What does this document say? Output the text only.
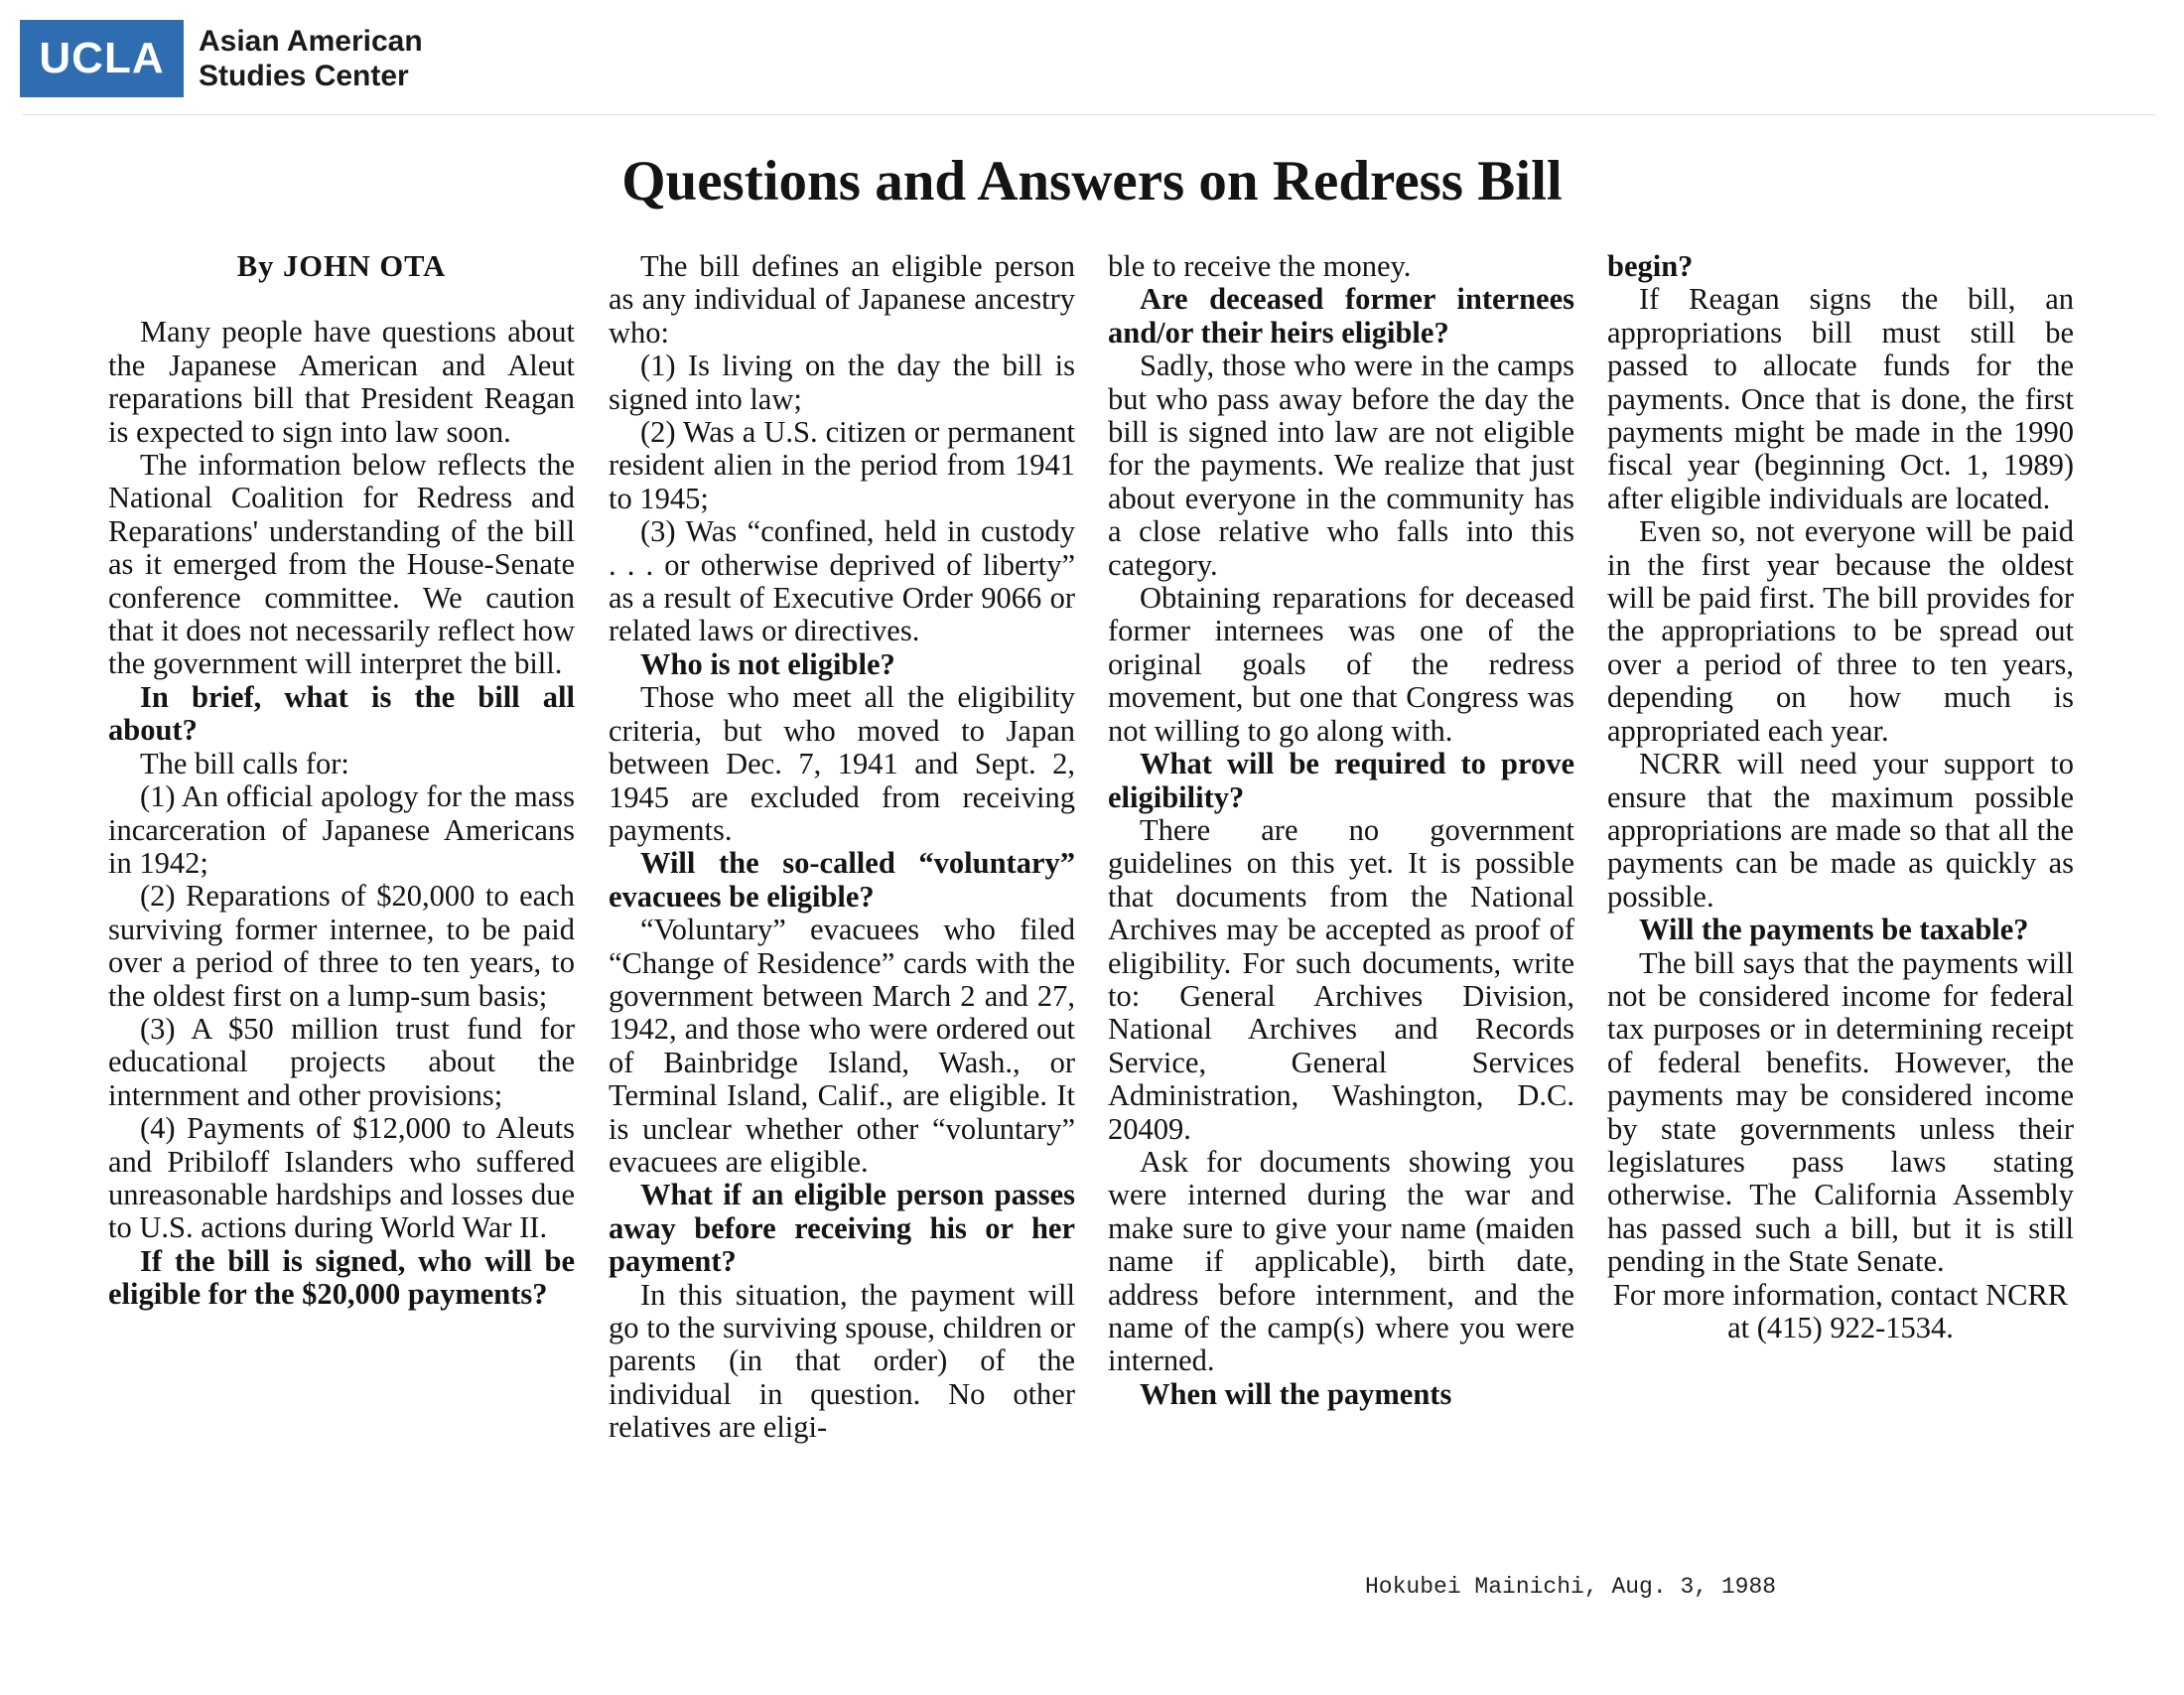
UCLA	Asian American
Studies Center
Questions and Answers on Redress Bill

By JOHN OTA

Many people have questions about the Japanese American and Aleut reparations bill that President Reagan is expected to sign into law soon.

The information below reflects the National Coalition for Redress and Reparations' understanding of the bill as it emerged from the House-Senate conference committee. We caution that it does not necessarily reflect how the government will interpret the bill.

In brief, what is the bill all about?

The bill calls for:

(1) An official apology for the mass incarceration of Japanese Americans in 1942;

(2) Reparations of $20,000 to each surviving former internee, to be paid over a period of three to ten years, to the oldest first on a lump-sum basis;

(3) A $50 million trust fund for educational projects about the internment and other provisions;

(4) Payments of $12,000 to Aleuts and Pribiloff Islanders who suffered unreasonable hardships and losses due to U.S. actions during World War II.

If the bill is signed, who will be eligible for the $20,000 payments?

The bill defines an eligible person as any individual of Japanese ancestry who:

(1) Is living on the day the bill is signed into law;

(2) Was a U.S. citizen or permanent resident alien in the period from 1941 to 1945;

(3) Was “confined, held in custody . . . or otherwise deprived of liberty” as a result of Executive Order 9066 or related laws or directives.

Who is not eligible?

Those who meet all the eligibility criteria, but who moved to Japan between Dec. 7, 1941 and Sept. 2, 1945 are excluded from receiving payments.

Will the so-called “voluntary” evacuees be eligible?

“Voluntary” evacuees who filed “Change of Residence” cards with the government between March 2 and 27, 1942, and those who were ordered out of Bainbridge Island, Wash., or Terminal Island, Calif., are eligible. It is unclear whether other “voluntary” evacuees are eligible.

What if an eligible person passes away before receiving his or her payment?

In this situation, the payment will go to the surviving spouse, children or parents (in that order) of the individual in question. No other relatives are eligi-

ble to receive the money.

Are deceased former internees and/or their heirs eligible?

Sadly, those who were in the camps but who pass away before the day the bill is signed into law are not eligible for the payments. We realize that just about everyone in the community has a close relative who falls into this category.

Obtaining reparations for deceased former internees was one of the original goals of the redress movement, but one that Congress was not willing to go along with.

What will be required to prove eligibility?

There are no government guidelines on this yet. It is possible that documents from the National Archives may be accepted as proof of eligibility. For such documents, write to: General Archives Division, National Archives and Records Service, General Services Administration, Washington, D.C. 20409.

Ask for documents showing you were interned during the war and make sure to give your name (maiden name if applicable), birth date, address before internment, and the name of the camp(s) where you were interned.

When will the payments

begin?

If Reagan signs the bill, an appropriations bill must still be passed to allocate funds for the payments. Once that is done, the first payments might be made in the 1990 fiscal year (beginning Oct. 1, 1989) after eligible individuals are located.

Even so, not everyone will be paid in the first year because the oldest will be paid first. The bill provides for the appropriations to be spread out over a period of three to ten years, depending on how much is appropriated each year.

NCRR will need your support to ensure that the maximum possible appropriations are made so that all the payments can be made as quickly as possible.

Will the payments be taxable?

The bill says that the payments will not be considered income for federal tax purposes or in determining receipt of federal benefits. However, the payments may be considered income by state governments unless their legislatures pass laws stating otherwise. The California Assembly has passed such a bill, but it is still pending in the State Senate.

For more information, contact NCRR at (415) 922-1534.

Hokubei Mainichi, Aug. 3, 1988
